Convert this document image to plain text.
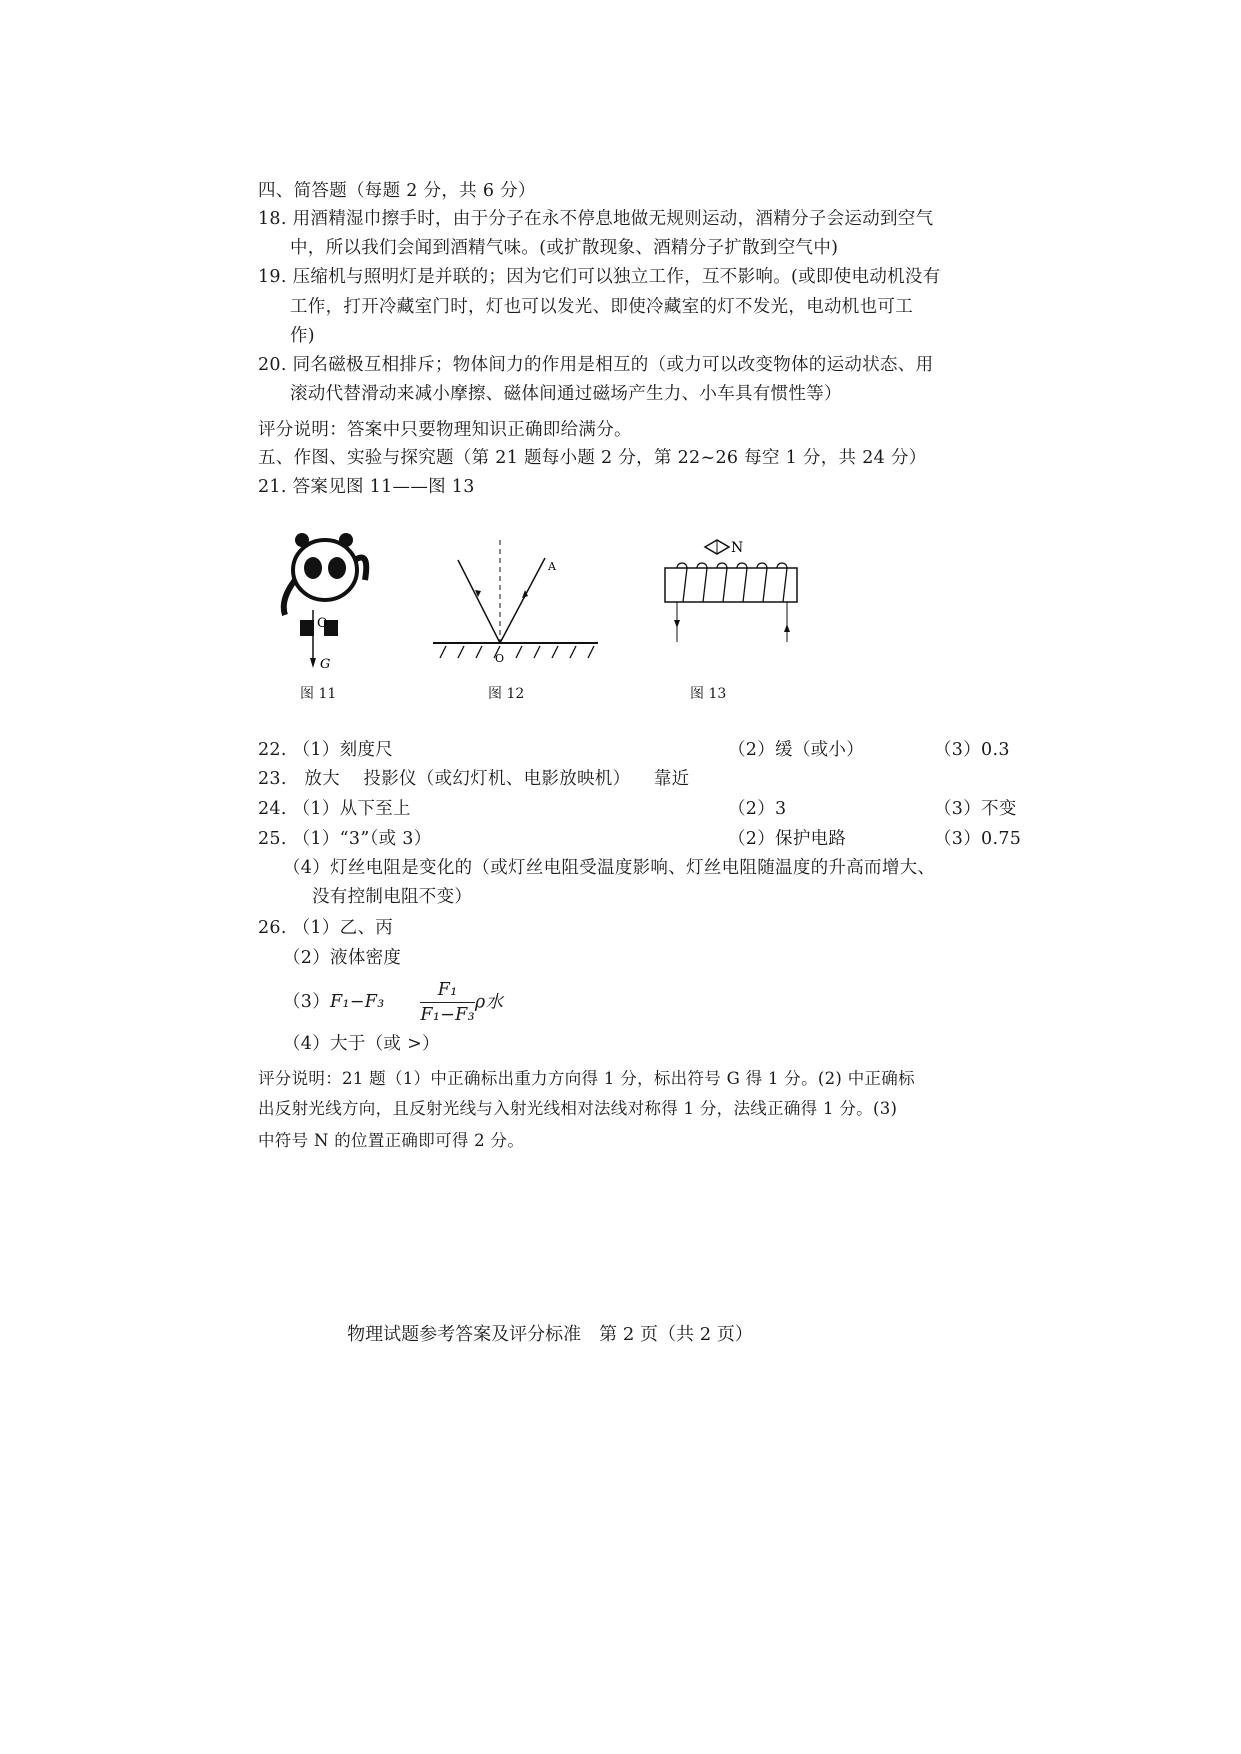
四、简答题（每题 2 分，共 6 分）
18. 用酒精湿巾擦手时，由于分子在永不停息地做无规则运动，酒精分子会运动到空气
中，所以我们会闻到酒精气味。(或扩散现象、酒精分子扩散到空气中)
19. 压缩机与照明灯是并联的；因为它们可以独立工作，互不影响。(或即使电动机没有
工作，打开冷藏室门时，灯也可以发光、即使冷藏室的灯不发光，电动机也可工
作)
20. 同名磁极互相排斥；物体间力的作用是相互的（或力可以改变物体的运动状态、用
滚动代替滑动来减小摩擦、磁体间通过磁场产生力、小车具有惯性等）
评分说明：答案中只要物理知识正确即给满分。
五、作图、实验与探究题（第 21 题每小题 2 分，第 22~26 每空 1 分，共 24 分）
21. 答案见图 11——图 13
O
G
图 11
A
O
图 12
N
图 13
22. （1）刻度尺	（2）缓（或小）	（3）0.3
23. 放大 投影仪（或幻灯机、电影放映机） 靠近
24. （1）从下至上	（2）3	（3）不变
25. （1）“3”（或 3）	（2）保护电路	（3）0.75
（4）灯丝电阻是变化的（或灯丝电阻受温度影响、灯丝电阻随温度的升高而增大、
没有控制电阻不变）
26. （1）乙、丙
（2）液体密度
$(3)F_1-F_3 \frac{\text{F₁}}{\text{F₁−F₃}}$ ρ水
（4）大于（或 >）
评分说明：21 题（1）中正确标出重力方向得 1 分，标出符号 G 得 1 分。(2) 中正确标
出反射光线方向，且反射光线与入射光线相对法线对称得 1 分，法线正确得 1 分。(3)
中符号 N 的位置正确即可得 2 分。
物理试题参考答案及评分标准　第 2 页（共 2 页）
